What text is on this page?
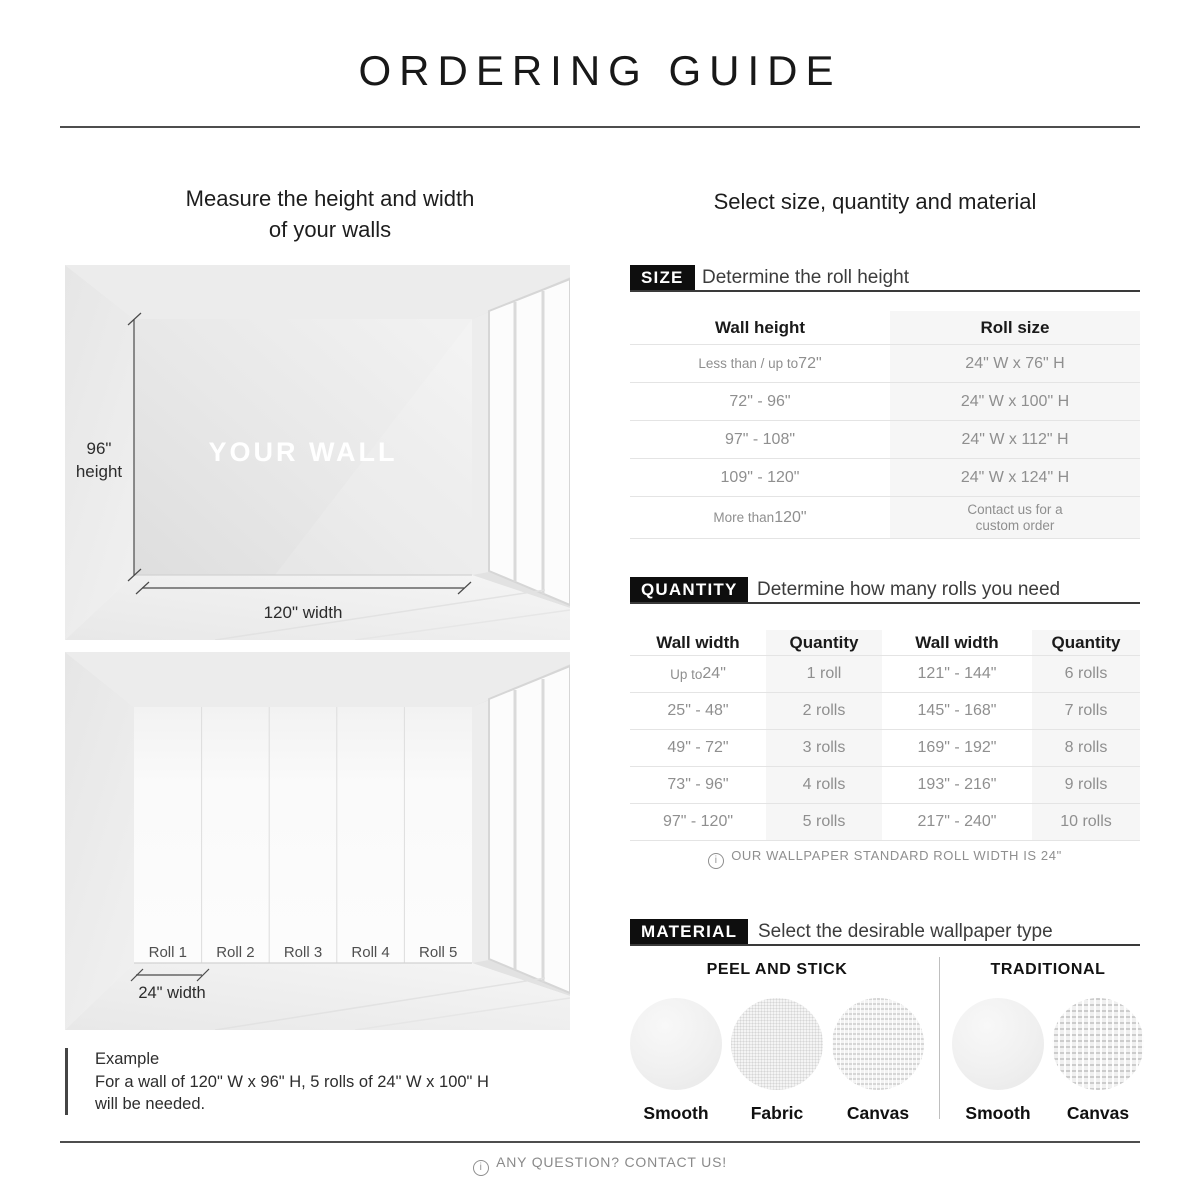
ORDERING GUIDE
Measure the height and width
of your walls
Select size, quantity and material
96"
height
YOUR WALL
120" width
Roll 1 Roll 2 Roll 3 Roll 4 Roll 5
24" width
Example
For a wall of 120" W x 96" H, 5 rolls of 24" W x 100" H
will be needed.
SIZE Determine the roll height
Wall height	Roll size
Less than / up to 72"	24" W x 76" H
72" - 96"	24" W x 100" H
97" - 108"	24" W x 112" H
109" - 120"	24" W x 124" H
More than 120"	Contact us for a
custom order
QUANTITY	Determine how many rolls you need
Wall width	Quantity	Wall width	Quantity
Up to 24"	1 roll	121" - 144"	6 rolls
25" - 48"	2 rolls	145" - 168"	7 rolls
49" - 72"	3 rolls	169" - 192"	8 rolls
73" - 96"	4 rolls	193" - 216"	9 rolls
97" - 120"	5 rolls	217" - 240"	10 rolls
i OUR WALLPAPER STANDARD ROLL WIDTH IS 24"
MATERIAL	Select the desirable wallpaper type
PEEL AND STICK
Smooth	Fabric	Canvas
TRADITIONAL
Smooth	Canvas
i ANY QUESTION? CONTACT US!
